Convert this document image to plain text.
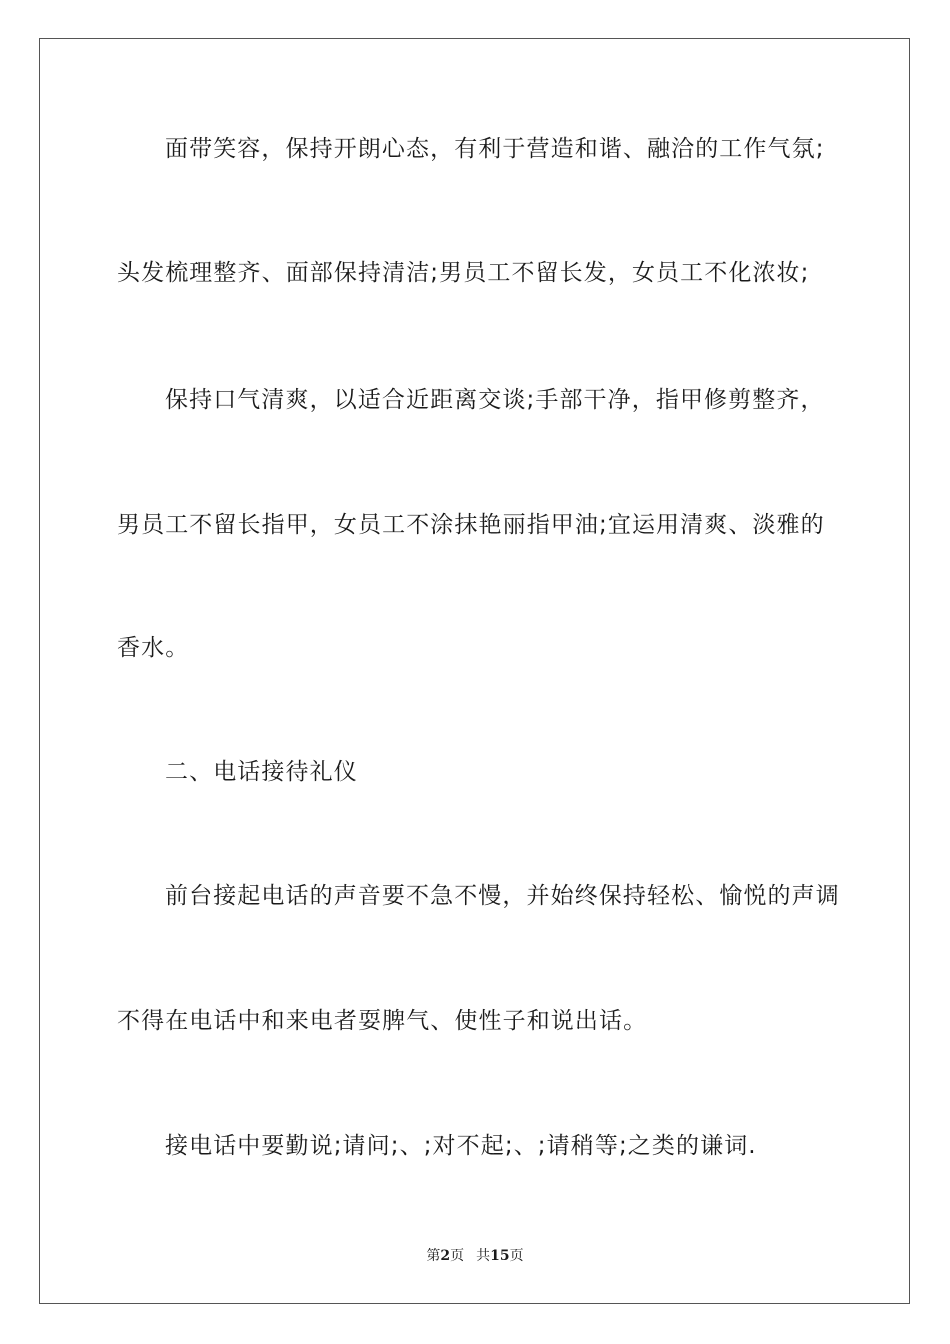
面带笑容，保持开朗心态，有利于营造和谐、融洽的工作气氛;
头发梳理整齐、面部保持清洁;男员工不留长发，女员工不化浓妆;
保持口气清爽，以适合近距离交谈;手部干净，指甲修剪整齐，
男员工不留长指甲，女员工不涂抹艳丽指甲油;宜运用清爽、淡雅的
香水。
二、电话接待礼仪
前台接起电话的声音要不急不慢，并始终保持轻松、愉悦的声调
不得在电话中和来电者耍脾气、使性子和说出话。
接电话中要勤说;请问;、;对不起;、;请稍等;之类的谦词.
第2页 共15页
